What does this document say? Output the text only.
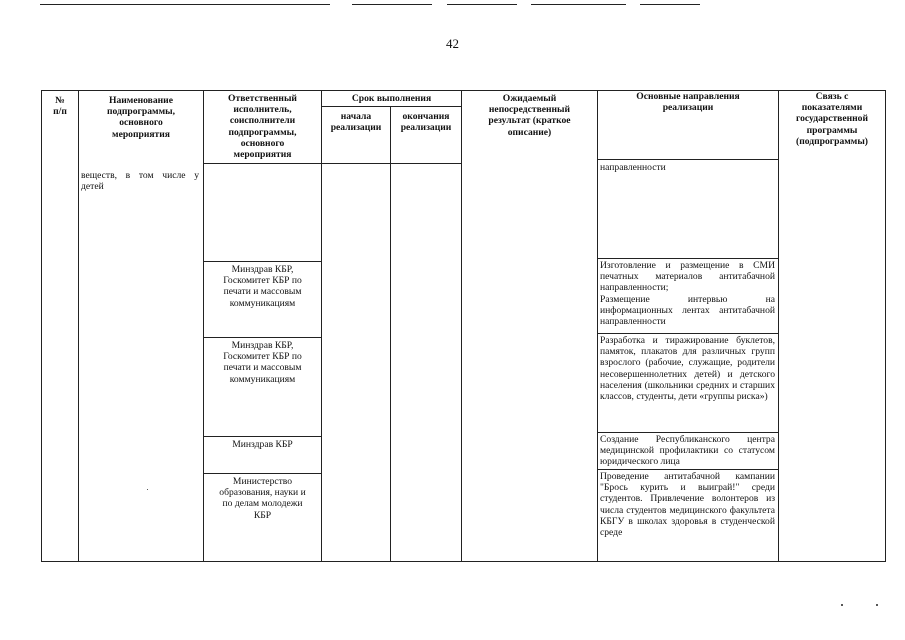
42
№
п/п
Наименование
подпрограммы,
основного
мероприятия
Ответственный
исполнитель,
соисполнители
подпрограммы,
основного
мероприятия
Срок выполнения
начала
реализации
окончания
реализации
Ожидаемый
непосредственный
результат (краткое
описание)
Основные направления
реализации
Связь с
показателями
государственной
программы
(подпрограммы)
веществ, в том числе у детей
направленности
Минздрав КБР,
Госкомитет КБР по
печати и массовым
коммуникациям
Изготовление и размещение в СМИ печатных материалов антитабачной направленности;
Размещение интервью на информационных лентах антитабачной направленности
Минздрав КБР,
Госкомитет КБР по
печати и массовым
коммуникациям
Разработка и тиражирование буклетов, памяток, плакатов для различных групп взрослого (рабочие, служащие, родители несовершеннолетних детей) и детского населения (школьники средних и старших классов, студенты, дети «группы риска»)
Минздрав КБР	Создание Республиканского центра медицинской профилактики со статусом юридического лица
Министерство
образования, науки и
по делам молодежи
КБР
Проведение антитабачной кампании "Брось курить и выиграй!" среди студентов. Привлечение волонтеров из числа студентов медицинского факультета КБГУ в школах здоровья в студенческой среде
